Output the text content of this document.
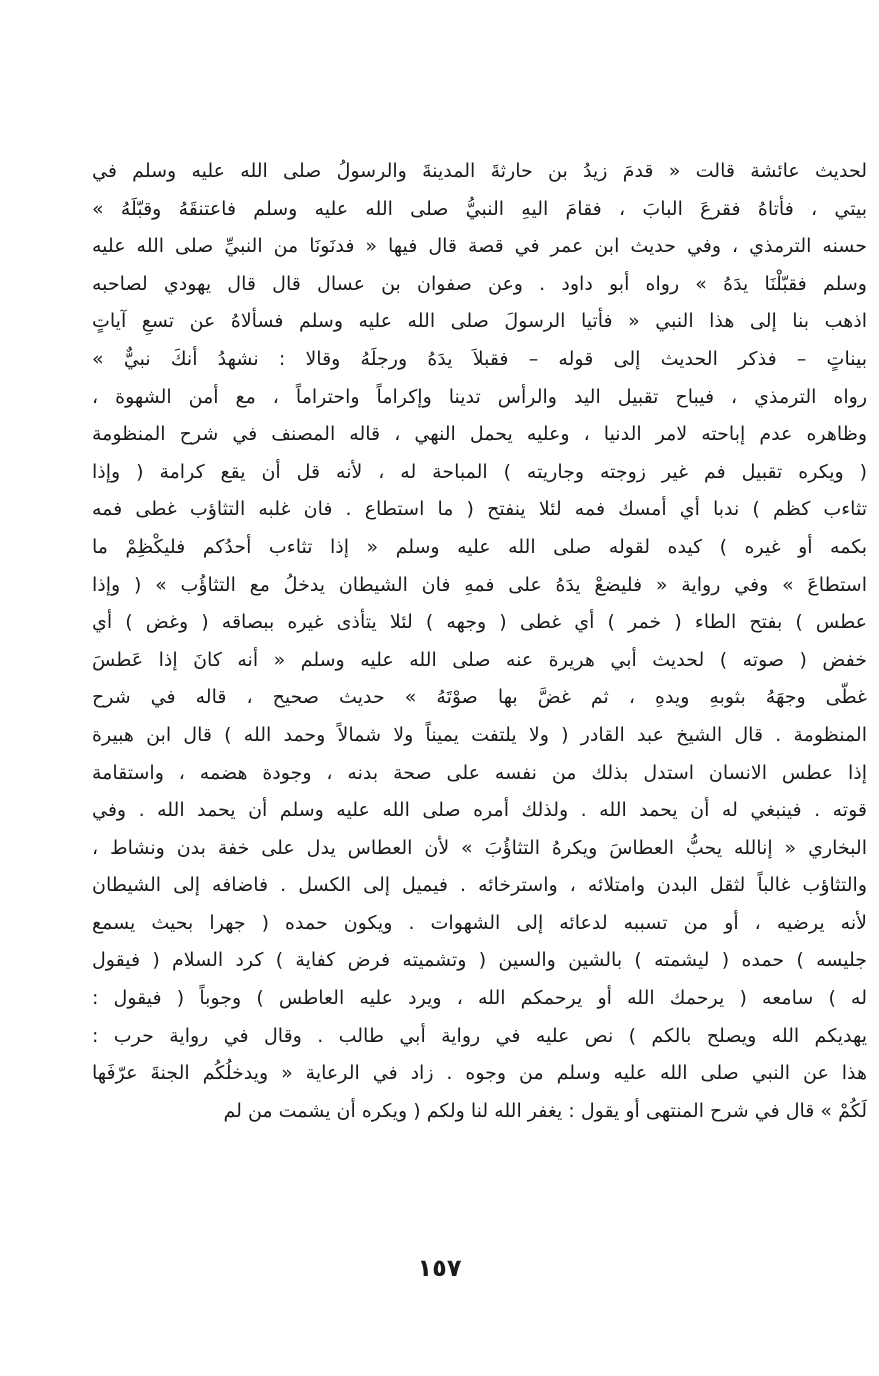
لحديث عائشة قالت « قدمَ زيدُ بن حارثةَ المدينةَ والرسولُ صلى الله عليه وسلم في
بيتي ، فأتاهُ فقرعَ البابَ ، فقامَ اليهِ النبيُّ صلى الله عليه وسلم فاعتنقَهُ وقبّلَهُ »
حسنه الترمذي ، وفي حديث ابن عمر في قصة قال فيها « فدنَونَا من النبيِّ صلى الله عليه
وسلم فقبّلْنَا يدَهُ » رواه أبو داود . وعن صفوان بن عسال قال قال يهودي لصاحبه
اذهب بنا إلى هذا النبي « فأتيا الرسولَ صلى الله عليه وسلم فسألاهُ عن تسعِ آياتٍ
بيناتٍ – فذكر الحديث إلى قوله – فقبلاَ يدَهُ ورجلَهُ وقالا : نشهدُ أنكَ نبيٌّ »
رواه الترمذي ، فيباح تقبيل اليد والرأس تدينا وإكراماً واحتراماً ، مع أمن الشهوة ،
وظاهره عدم إباحته لامر الدنيا ، وعليه يحمل النهي ، قاله المصنف في شرح المنظومة
( ويكره تقبيل فم غير زوجته وجاريته ) المباحة له ، لأنه قل أن يقع كرامة ( وإذا
تثاءب كظم ) ندبا أي أمسك فمه لئلا ينفتح ( ما استطاع . فان غلبه التثاؤب غطى فمه
بكمه أو غيره ) كيده لقوله صلى الله عليه وسلم « إذا تثاءب أحدُكم فليكْظِمْ ما
استطاعَ » وفي رواية « فليضعْ يدَهُ على فمهِ فان الشيطان يدخلُ مع التثاؤُب » ( وإذا
عطس ) بفتح الطاء ( خمر ) أي غطى ( وجهه ) لئلا يتأذى غيره ببصاقه ( وغض ) أي
خفض ( صوته ) لحديث أبي هريرة عنه صلى الله عليه وسلم « أنه كانَ إذا عَطسَ
غطّى وجهَهُ بثوبهِ ويدهِ ، ثم غضَّ بها صوْتَهُ » حديث صحيح ، قاله في شرح
المنظومة . قال الشيخ عبد القادر ( ولا يلتفت يميناً ولا شمالاً وحمد الله ) قال ابن هبيرة
إذا عطس الانسان استدل بذلك من نفسه على صحة بدنه ، وجودة هضمه ، واستقامة
قوته . فينبغي له أن يحمد الله . ولذلك أمره صلى الله عليه وسلم أن يحمد الله . وفي
البخاري « إنالله يحبُّ العطاسَ ويكرهُ التثاؤُبَ » لأن العطاس يدل على خفة بدن ونشاط ،
والتثاؤب غالباً لثقل البدن وامتلائه ، واسترخائه . فيميل إلى الكسل . فاضافه إلى الشيطان
لأنه يرضيه ، أو من تسببه لدعائه إلى الشهوات . ويكون حمده ( جهرا بحيث يسمع
جليسه ) حمده ( ليشمته ) بالشين والسين ( وتشميته فرض كفاية ) كرد السلام ( فيقول
له ) سامعه ( يرحمك الله أو يرحمكم الله ، ويرد عليه العاطس ) وجوباً ( فيقول :
يهديكم الله ويصلح بالكم ) نص عليه في رواية أبي طالب . وقال في رواية حرب :
هذا عن النبي صلى الله عليه وسلم من وجوه . زاد في الرعاية « ويدخلُكُم الجنةَ عرّفَها
لَكُمْ » قال في شرح المنتهى أو يقول : يغفر الله لنا ولكم ( ويكره أن يشمت من لم
١٥٧
